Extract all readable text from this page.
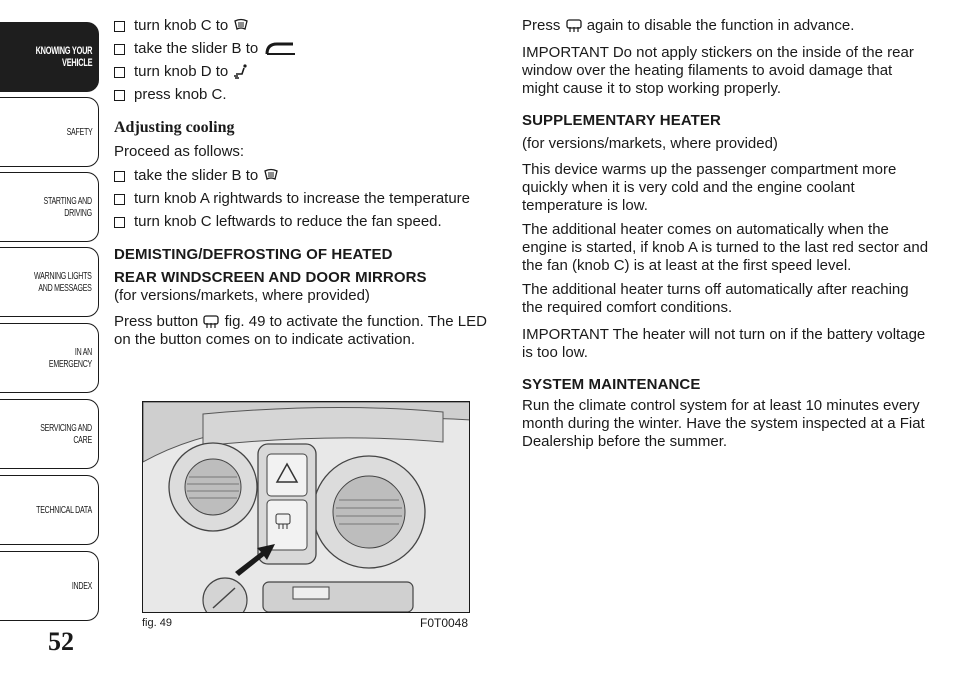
KNOWING YOUR
VEHICLE
SAFETY
STARTING AND
DRIVING
WARNING LIGHTS
AND MESSAGES
IN AN EMERGENCY
SERVICING AND
CARE
TECHNICAL DATA
INDEX
52
turn knob C to
take the slider B to
turn knob D to
press knob C.

Adjusting cooling

Proceed as follows:

take the slider B to
turn knob A rightwards to increase the temperature
turn knob C leftwards to reduce the fan speed.

DEMISTING/DEFROSTING OF HEATED

REAR WINDSCREEN AND DOOR MIRRORS

(for versions/markets, where provided)

Press button fig. 49 to activate the function. The LED on the button comes on to indicate activation.

fig. 49	F0T0048

Press again to disable the function in advance.

IMPORTANT Do not apply stickers on the inside of the rear window over the heating filaments to avoid damage that might cause it to stop working properly.

SUPPLEMENTARY HEATER

(for versions/markets, where provided)

This device warms up the passenger compartment more quickly when it is very cold and the engine coolant temperature is low.

The additional heater comes on automatically when the engine is started, if knob A is turned to the last red sector and the fan (knob C) is at least at the first speed level.

The additional heater turns off automatically after reaching the required comfort conditions.

IMPORTANT The heater will not turn on if the battery voltage is too low.

SYSTEM MAINTENANCE

Run the climate control system for at least 10 minutes every month during the winter. Have the system inspected at a Fiat Dealership before the summer.
